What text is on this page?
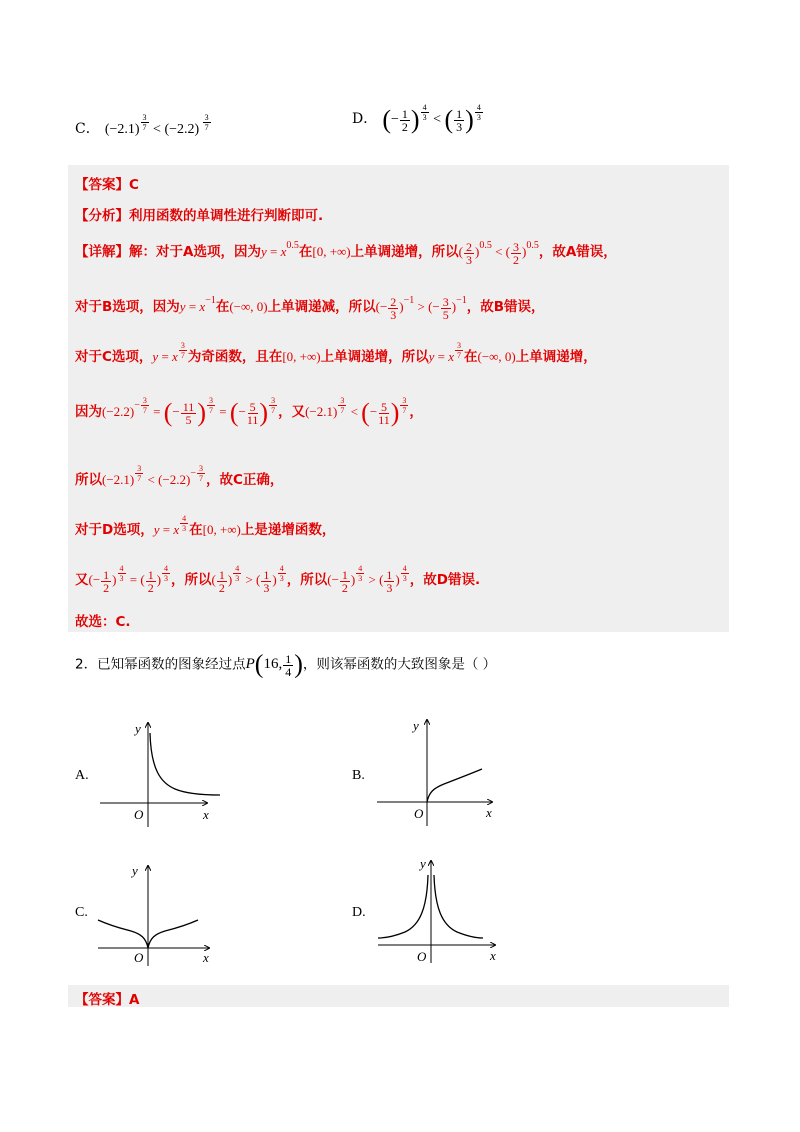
C． (−2.1) $^{\frac{3}{7}}$ < (−2.2) $^{\frac{3}{7}}$	D． (− $\frac{1}{2}$ ) $^{\frac{4}{3}}$ < ( $\frac{1}{3}$ ) $^{\frac{4}{3}}$
【答案】C
【分析】利用函数的单调性进行判断即可.
【详解】解：对于A选项，因为$y = x^{0.5}$在[0, +∞)上单调递增，所以( $\frac{2}{3} )^{0.5}$ < ( $\frac{3}{2} )^{0.5}$，故A错误，
对于B选项，因为$y = x^{-1}$在(−∞, 0)上单调递减，所以(− $\frac{2}{3} )^{-1}$ > (− $\frac{3}{5} )^{-1}$，故B错误，
对于C选项，y = x $^{\frac{3}{7}}$ 为奇函数，且在[0, +∞)上单调递增，所以y = x $^{\frac{3}{7}}$ 在(−∞, 0)上单调递增，
因为$(-2.2)^{- \frac{3}{7}}$ = (− $\frac{11}{5}$ ) $^{\frac{3}{7}}$ = (− $\frac{5}{11}$ ) $^{\frac{3}{7}}$ ，又(−2.1) $^{\frac{3}{7}}$ < (− $\frac{5}{11}$ ) $^{\frac{3}{7}}$ ，
所以(−2.1) $^{\frac{3}{7}} < (-2.2)^{- \frac{3}{7}}$ ，故C正确，
对于D选项，y = x $^{\frac{4}{3}}$ 在[0, +∞)上是递增函数，
又(− $\frac{1}{2}$ ) $^{\frac{4}{3}}$ = ( $\frac{1}{2}$ ) $^{\frac{4}{3}}$ ，所以( $\frac{1}{2}$ ) $^{\frac{4}{3}}$ > ( $\frac{1}{3}$ ) $^{\frac{4}{3}}$ ，所以(− $\frac{1}{2}$ ) $^{\frac{4}{3}}$ > ( $\frac{1}{3}$ ) $^{\frac{4}{3}}$ ，故D错误.
故选：C.
2．已知幂函数的图象经过点P(16, $\frac{1}{4}$ )，则该幂函数的大致图象是（ ）
A.	B.
C.	D.
y
x
O
y
x
O
y
x
O
y
x
O
【答案】A
